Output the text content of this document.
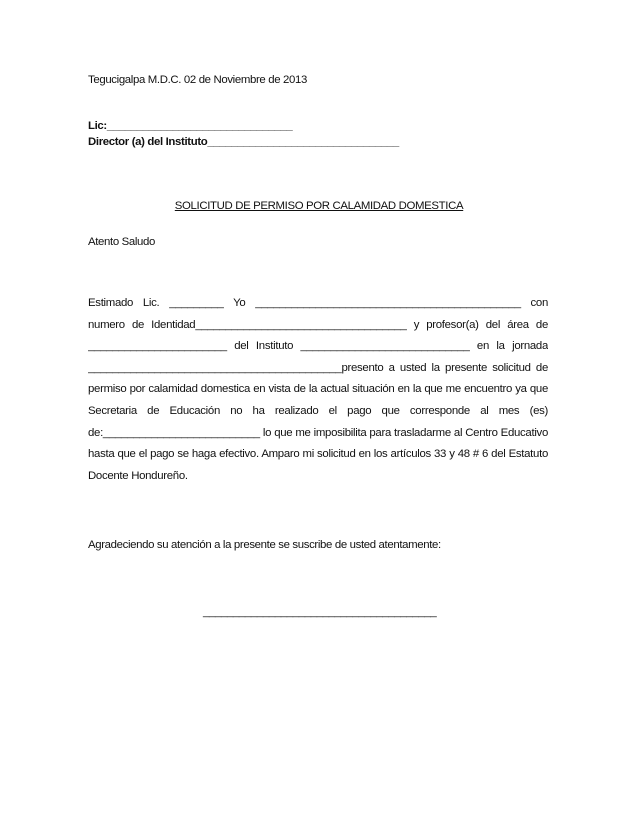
Tegucigalpa M.D.C. 02 de Noviembre de 2013
Lic:_______________________________
Director (a) del Instituto________________________________
SOLICITUD DE PERMISO POR CALAMIDAD DOMESTICA
Atento Saludo
Estimado Lic. _________ Yo ____________________________________________ con
numero de Identidad___________________________________ y profesor(a) del área de
_______________________ del Instituto ____________________________ en la jornada
__________________________________________presento a usted la presente solicitud de
permiso por calamidad domestica en vista de la actual situación en la que me encuentro ya que
Secretaria de Educación no ha realizado el pago que corresponde al mes (es)
de:__________________________ lo que me imposibilita para trasladarme al Centro Educativo
hasta que el pago se haga efectivo. Amparo mi solicitud en los artículos 33 y 48 # 6 del Estatuto
Docente Hondureño.
Agradeciendo su atención a la presente se suscribe de usted atentamente:
_______________________________________
